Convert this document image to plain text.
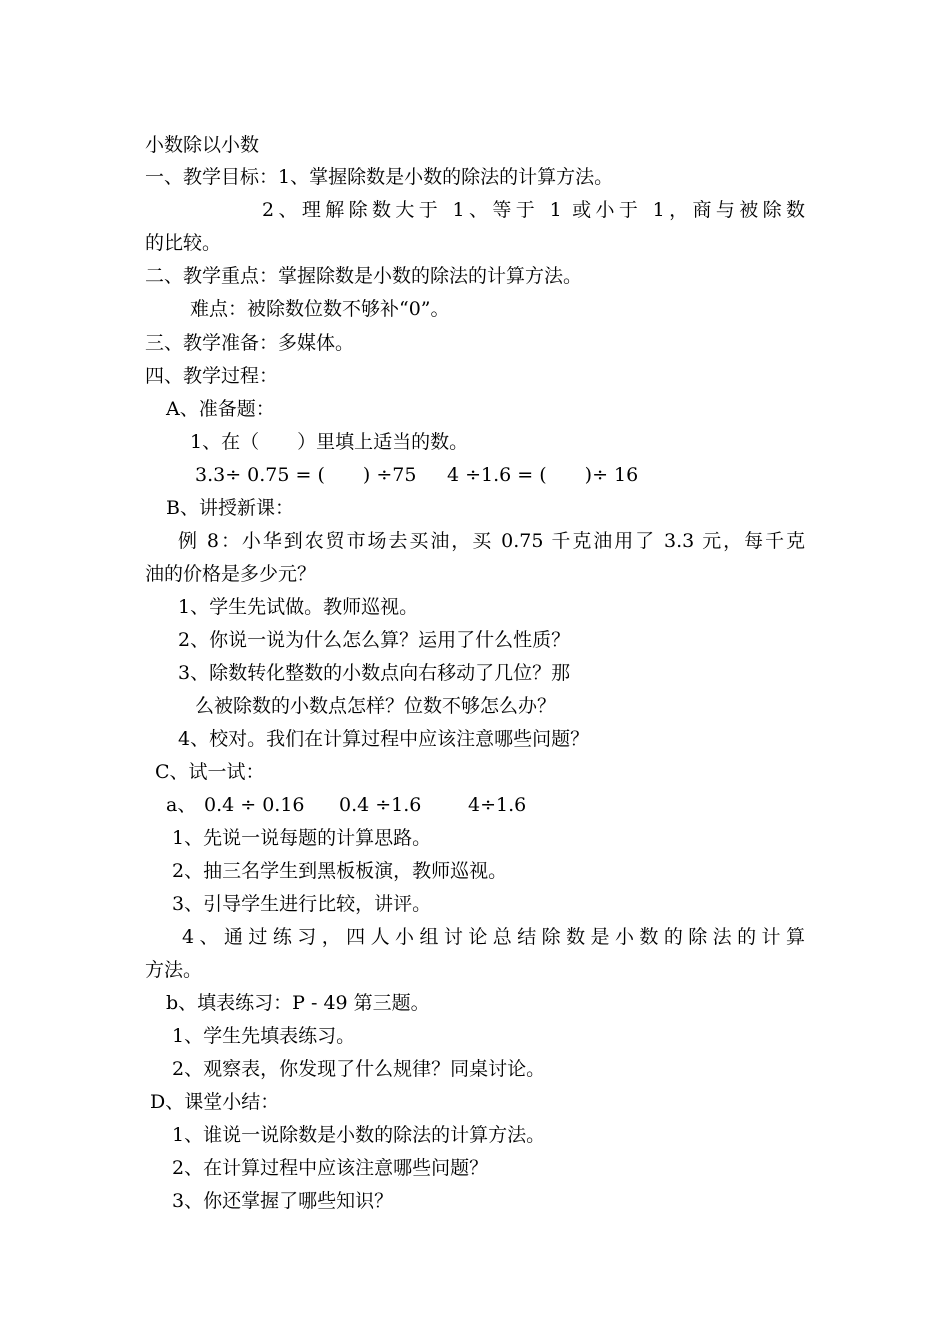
小数除以小数
一、教学目标：1、掌握除数是小数的除法的计算方法。
2、理解除数大于 1、等于 1 或小于 1，商与被除数
的比较。
二、教学重点：掌握除数是小数的除法的计算方法。
难点：被除数位数不够补“0”。
三、教学准备：多媒体。
四、教学过程：
A、准备题：
1、在（　　）里填上适当的数。
3.3÷ 0.75 = (　　) ÷75 4 ÷1.6 = (　　)÷ 16
B、讲授新课：
例 8：小华到农贸市场去买油，买 0.75 千克油用了 3.3 元，每千克
油的价格是多少元？
1、学生先试做。教师巡视。
2、你说一说为什么怎么算？运用了什么性质？
3、除数转化整数的小数点向右移动了几位？那
么被除数的小数点怎样？位数不够怎么办？
4、校对。我们在计算过程中应该注意哪些问题？
C、试一试：
a、 0.4 ÷ 0.16 0.4 ÷1.6 4÷1.6
1、先说一说每题的计算思路。
2、抽三名学生到黑板板演，教师巡视。
3、引导学生进行比较，讲评。
4、通过练习，四人小组讨论总结除数是小数的除法的计算
方法。
b、填表练习：P - 49 第三题。
1、学生先填表练习。
2、观察表，你发现了什么规律？同桌讨论。
D、课堂小结：
1、谁说一说除数是小数的除法的计算方法。
2、在计算过程中应该注意哪些问题？
3、你还掌握了哪些知识？
